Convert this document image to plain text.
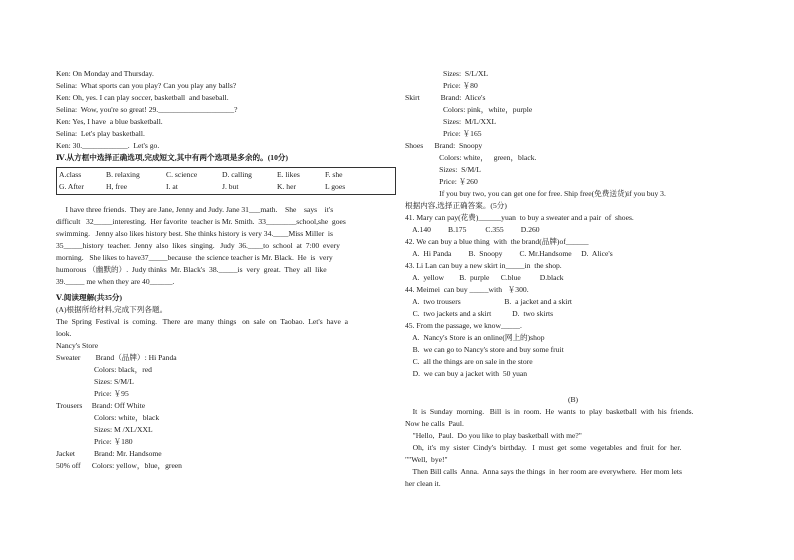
Ken: On Monday and Thursday.
Selina:  What sports can you play? Can you play any balls?
Ken: Oh, yes. I can play soccer, basketball  and baseball.
Selina:  Wow, you're so great! 29.____________________?
Ken: Yes, I have  a blue basketball.
Selina:  Let's play basketball.
Ken: 30.____________.  Let's go.
Ⅳ.从方框中选择正确选项,完成短文,其中有两个选项是多余的。(10分)
A.class	B. relaxing	C. science	D. calling	E. likes	F. she
G. After	H, free	I. at	J. but	K. her	L goes
I have three friends.  They are Jane, Jenny and Judy. Jane 31___math.    She    says    it's
difficult   32_____interesting.  Her favorite  teacher is Mr. Smith.  33________school,she  goes
swimming.   Jenny also likes history best. She thinks history is very 34.____Miss Miller  is
35_____history  teacher.  Jenny  also  likes  singing.   Judy  36.____to  school  at  7:00  every
morning.   She likes to have37_____because  the science teacher is Mr. Black.  He  is  very
humorous （幽默的）.  Judy thinks  Mr. Black's  38._____is  very  great.  They  all  like
39._____ me when they are 40______.
Ⅴ.阅读理解(共35分)
(A)根据所给材料,完成下列各题。
The  Spring  Festival  is  coming.   There  are  many  things   on  sale  on  Taobao.  Let's  have  a
look.
Nancy's Store
Sweater        Brand（品牌）: Hi Panda
Colors: black，red
Sizes: S/M/L
Price: ￥95
Trousers     Brand: Off White
Colors: white，black
Sizes: M /XL/XXL
Price: ￥180
Jacket          Brand: Mr. Handsome
50% off      Colors: yellow，blue，green
Sizes:  S/L/XL
Price: ￥80
Skirt           Brand:  Alice's
Colors: pink，white，purple
Sizes:  M/L/XXL
Price: ￥165
Shoes      Brand:  Snoopy
Colors: white，   green，black.
Sizes:  S/M/L
Price: ￥260
If you buy two, you can get one for free. Ship free(免费送货)if you buy 3.
根据内容,选择正确答案。(5分)
41. Mary can pay(花费)______yuan  to buy a sweater and a pair  of  shoes.
A.140         B.175          C.355         D.260
42. We can buy a blue thing  with  the brand(品牌)of______
A.  Hi Panda         B.  Snoopy         C. Mr.Handsome     D.  Alice's
43. Li Lan can buy a new skirt in_____in  the shop.
A.  yellow        B.  purple      C.blue          D.black
44. Meimei  can buy _____with   ￥300.
A.  two trousers                       B.  a jacket and a skirt
C.  two jackets and a skirt           D.  two skirts
45. From the passage, we know_____.
A.  Nancy's Store is an online(网上的)shop
B.  we can go to Nancy's store and buy some fruit
C.  all the things are on sale in the store
D.  we can buy a jacket with  50 yuan
(B)
It  is  Sunday  morning.   Bill  is  in  room.  He  wants  to  play  basketball  with  his  friends.
Now he calls  Paul.
"Hello,  Paul.  Do you like to play basketball with me?"
Oh,  it's  my  sister  Cindy's  birthday.   I  must  get  some  vegetables  and  fruit  for  her.
""Well,  bye!"
Then Bill calls  Anna.  Anna says the things  in  her room are everywhere.  Her mom lets
her clean it.
